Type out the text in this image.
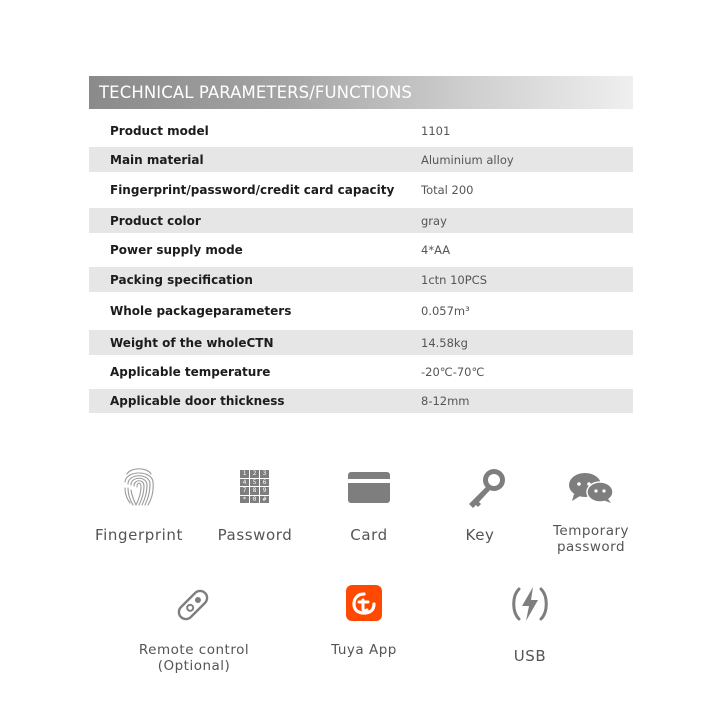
TECHNICAL PARAMETERS/FUNCTIONS
Product model	1101
Main material	Aluminium alloy
Fingerprint/password/credit card capacity Total 200
Product color	gray
Power supply mode	4*AA
Packing specification	1ctn 10PCS
Whole packageparameters	0.057m³
Weight of the wholeCTN	14.58kg
Applicable temperature	-20℃-70℃
Applicable door thickness	8-12mm
Fingerprint
1	2	3
4	5	6
7	8	9
*	0	#
Password	Card	Key	Temporary
password
Remote control
(Optional)
Tuya App	USB
